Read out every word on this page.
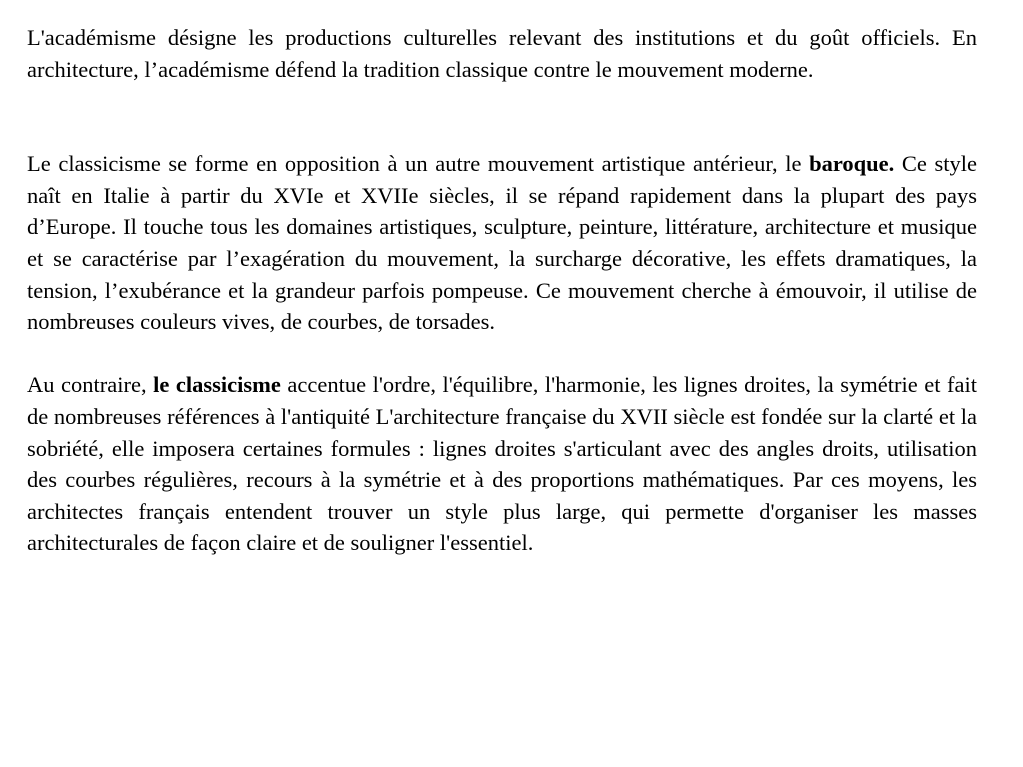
L'académisme désigne les productions culturelles relevant des institutions et du goût officiels. En architecture, l’académisme défend la tradition classique contre le mouvement moderne.

Le classicisme se forme en opposition à un autre mouvement artistique antérieur, le baroque. Ce style naît en Italie à partir du XVIe et XVIIe siècles, il se répand rapidement dans la plupart des pays d’Europe. Il touche tous les domaines artistiques, sculpture, peinture, littérature, architecture et musique et se caractérise par l’exagération du mouvement, la surcharge décorative, les effets dramatiques, la tension, l’exubérance et la grandeur parfois pompeuse. Ce mouvement cherche à émouvoir, il utilise de nombreuses couleurs vives, de courbes, de torsades.

Au contraire, le classicisme accentue l'ordre, l'équilibre, l'harmonie, les lignes droites, la symétrie et fait de nombreuses références à l'antiquité L'architecture française du XVII siècle est fondée sur la clarté et la sobriété, elle imposera certaines formules : lignes droites s'articulant avec des angles droits, utilisation des courbes régulières, recours à la symétrie et à des proportions mathématiques. Par ces moyens, les architectes français entendent trouver un style plus large, qui permette d'organiser les masses architecturales de façon claire et de souligner l'essentiel.
